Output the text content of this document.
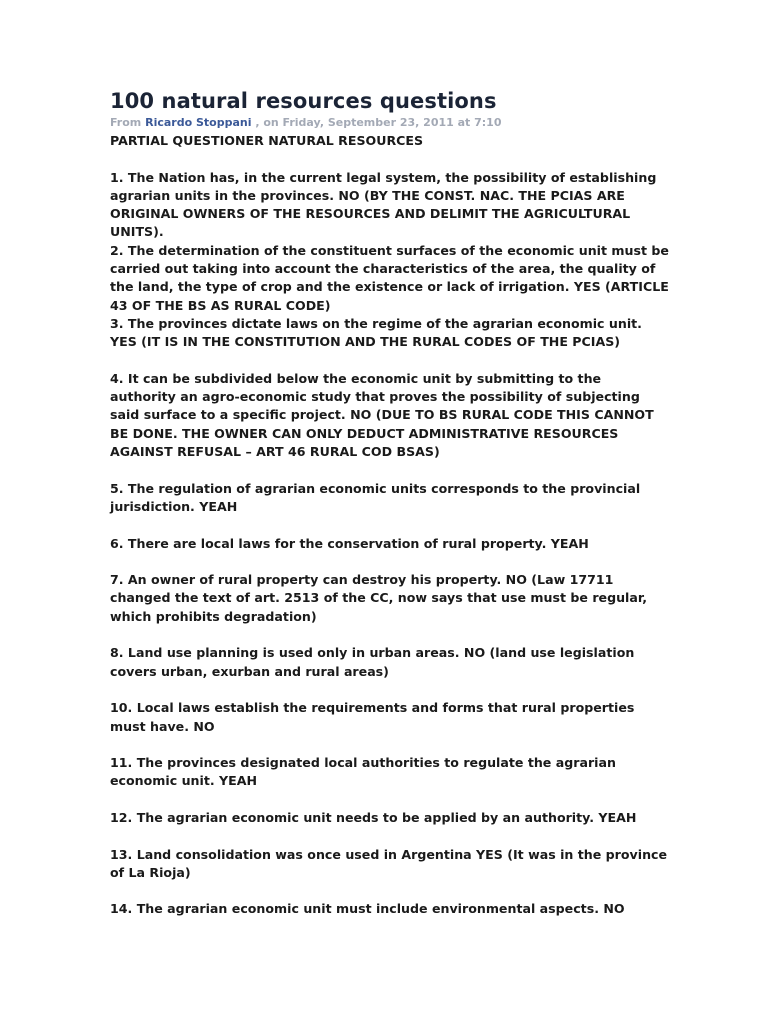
100 natural resources questions
From Ricardo Stoppani , on Friday, September 23, 2011 at 7:10

PARTIAL QUESTIONER NATURAL RESOURCES

1. The Nation has, in the current legal system, the possibility of establishing agrarian units in the provinces. NO (BY THE CONST. NAC. THE PCIAS ARE ORIGINAL OWNERS OF THE RESOURCES AND DELIMIT THE AGRICULTURAL UNITS).

2. The determination of the constituent surfaces of the economic unit must be carried out taking into account the characteristics of the area, the quality of the land, the type of crop and the existence or lack of irrigation. YES (ARTICLE 43 OF THE BS AS RURAL CODE)

3. The provinces dictate laws on the regime of the agrarian economic unit. YES (IT IS IN THE CONSTITUTION AND THE RURAL CODES OF THE PCIAS)

4. It can be subdivided below the economic unit by submitting to the authority an agro-economic study that proves the possibility of subjecting said surface to a specific project. NO (DUE TO BS RURAL CODE THIS CANNOT BE DONE. THE OWNER CAN ONLY DEDUCT ADMINISTRATIVE RESOURCES AGAINST REFUSAL – ART 46 RURAL COD BSAS)

5. The regulation of agrarian economic units corresponds to the provincial jurisdiction. YEAH

6. There are local laws for the conservation of rural property. YEAH

7. An owner of rural property can destroy his property. NO (Law 17711 changed the text of art. 2513 of the CC, now says that use must be regular, which prohibits degradation)

8. Land use planning is used only in urban areas. NO (land use legislation covers urban, exurban and rural areas)

10. Local laws establish the requirements and forms that rural properties must have. NO

11. The provinces designated local authorities to regulate the agrarian economic unit. YEAH

12. The agrarian economic unit needs to be applied by an authority. YEAH

13. Land consolidation was once used in Argentina YES (It was in the province of La Rioja)

14. The agrarian economic unit must include environmental aspects. NO
